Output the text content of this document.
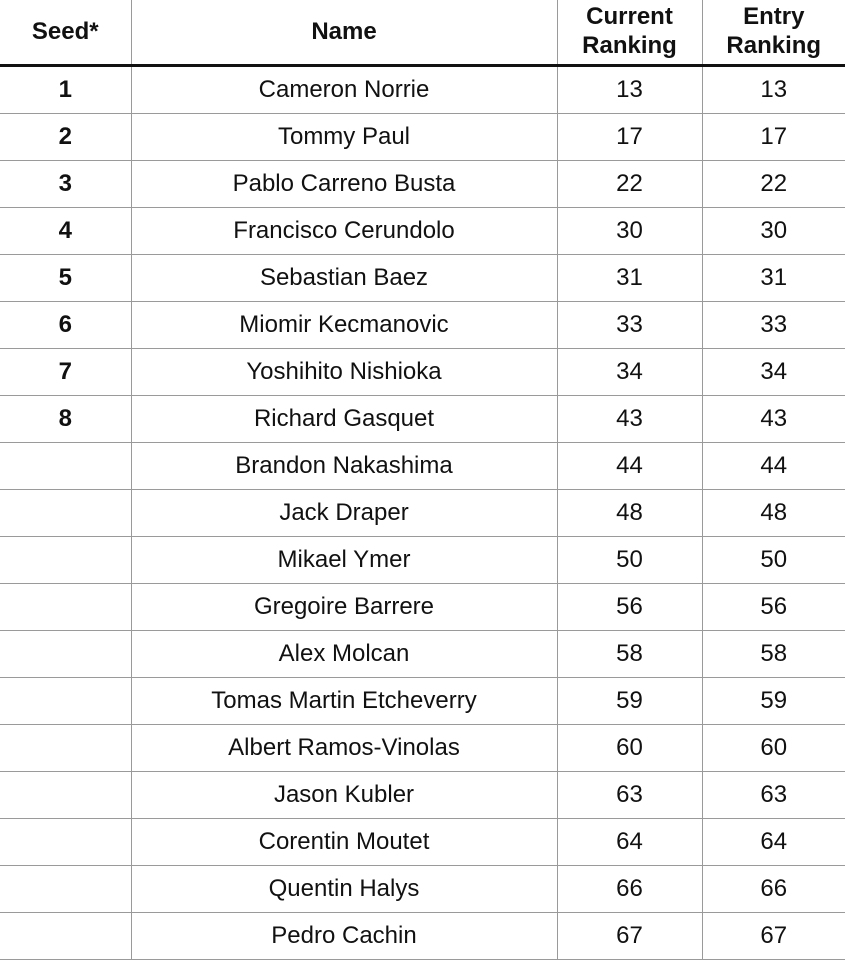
Seed*	Name	Current Ranking	Entry Ranking
1	Cameron Norrie	13	13
2	Tommy Paul	17	17
3	Pablo Carreno Busta	22	22
4	Francisco Cerundolo	30	30
5	Sebastian Baez	31	31
6	Miomir Kecmanovic	33	33
7	Yoshihito Nishioka	34	34
8	Richard Gasquet	43	43
	Brandon Nakashima	44	44
	Jack Draper	48	48
	Mikael Ymer	50	50
	Gregoire Barrere	56	56
	Alex Molcan	58	58
	Tomas Martin Etcheverry	59	59
	Albert Ramos-Vinolas	60	60
	Jason Kubler	63	63
	Corentin Moutet	64	64
	Quentin Halys	66	66
	Pedro Cachin	67	67
